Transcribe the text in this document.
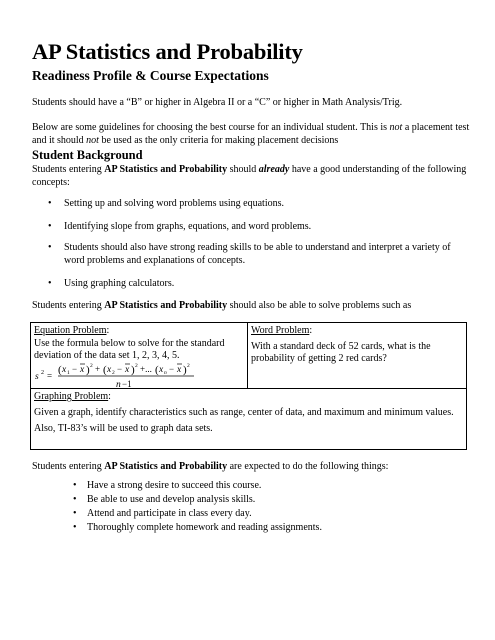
AP Statistics and Probability
Readiness Profile & Course Expectations
Students should have a “B” or higher in Algebra II or a “C” or higher in Math Analysis/Trig.
Below are some guidelines for choosing the best course for an individual student. This is not a placement test and it should not be used as the only criteria for making placement decisions
Student Background
Students entering AP Statistics and Probability should already have a good understanding of the following concepts:
• Setting up and solving word problems using equations.
• Identifying slope from graphs, equations, and word problems.
• Students should also have strong reading skills to be able to understand and interpret a variety of word problems and explanations of concepts.
• Using graphing calculators.
Students entering AP Statistics and Probability should also be able to solve problems such as
Equation Problem:
Use the formula below to solve for the standard deviation of the data set 1, 2, 3, 4, 5.
s 2 = ( x 1 − x ) 2 + ( x 2 − x ) 2 +... ( x n − x ) 2
n −1
Word Problem:

With a standard deck of 52 cards, what is the probability of getting 2 red cards?
Graphing Problem:

Given a graph, identify characteristics such as range, center of data, and maximum and minimum values.
Also, TI-83’s will be used to graph data sets.
Students entering AP Statistics and Probability are expected to do the following things:
• Have a strong desire to succeed this course.
• Be able to use and develop analysis skills.
• Attend and participate in class every day.
• Thoroughly complete homework and reading assignments.
